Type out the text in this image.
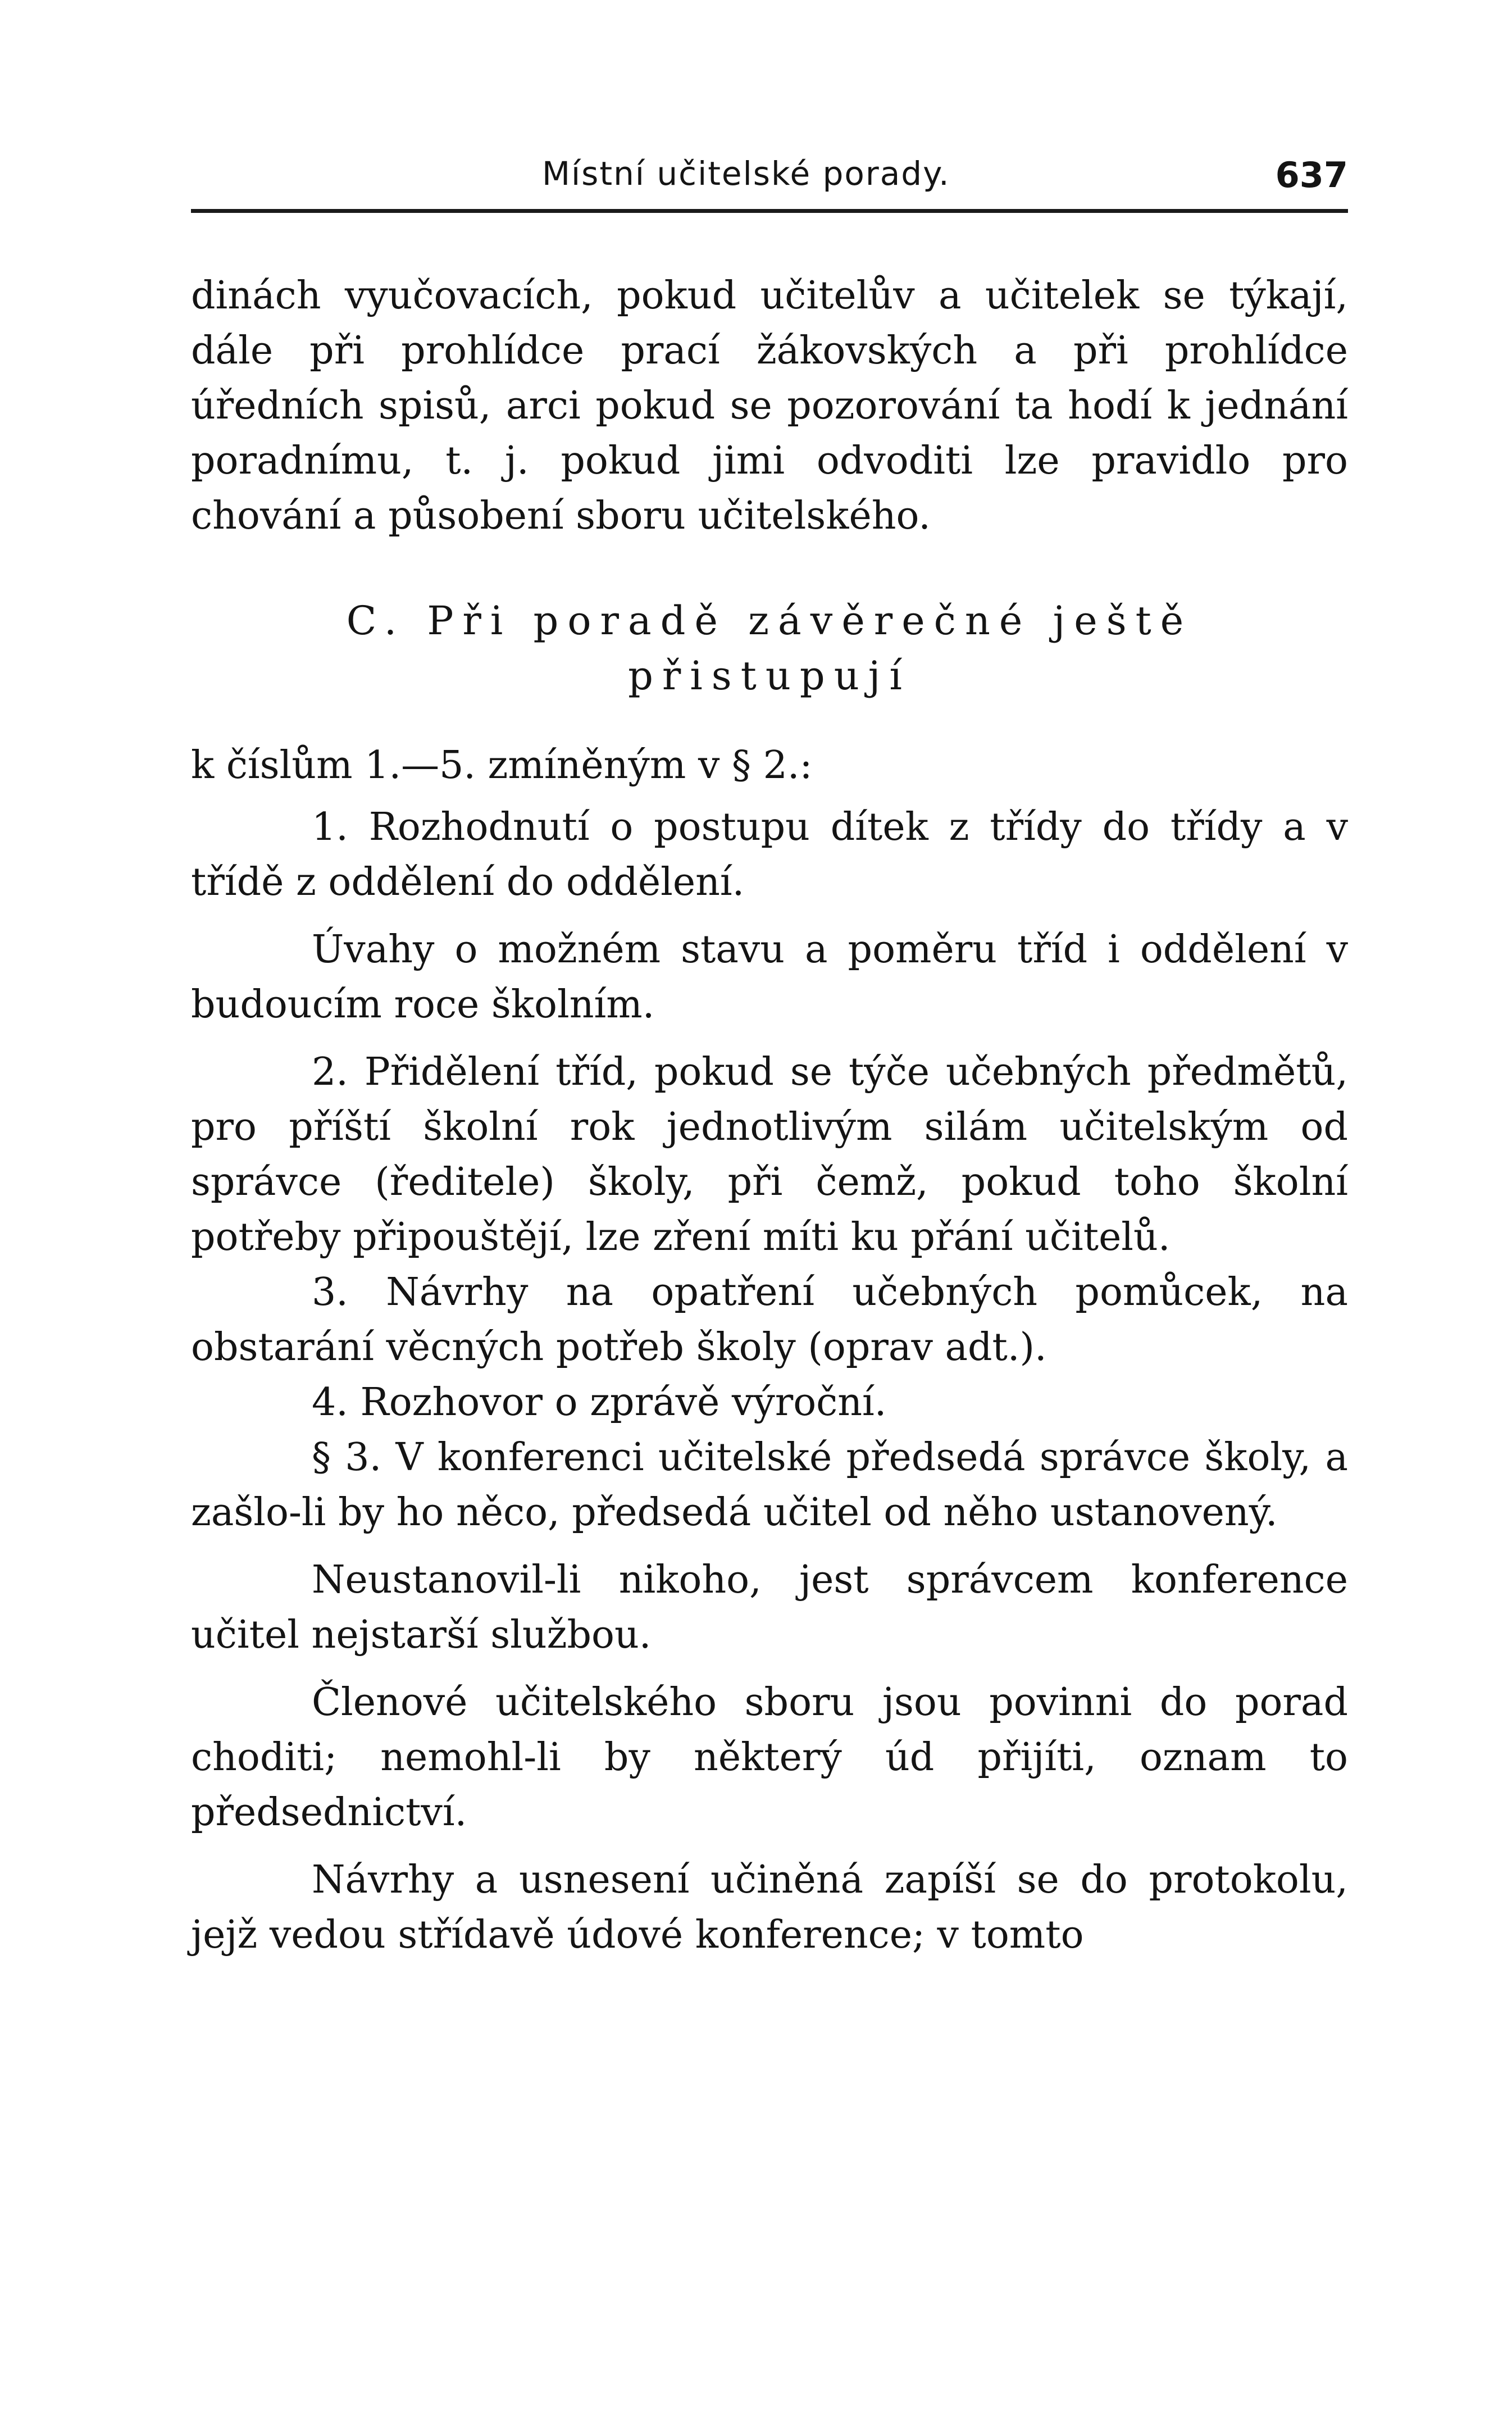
Místní učitelské porady.	637

dinách vyučovacích, pokud učitelův a učitelek se týkají, dále při prohlídce prací žákovských a při prohlídce úředních spisů, arci pokud se pozorování ta hodí k jednání poradnímu, t. j. pokud jimi odvoditi lze pravidlo pro chování a působení sboru učitelského.

C. Při poradě závěrečné ještě
přistupují

k číslům 1.—5. zmíněným v § 2.:

1. Rozhodnutí o postupu dítek z třídy do třídy a v třídě z oddělení do oddělení.

Úvahy o možném stavu a poměru tříd i oddělení v budoucím roce školním.

2. Přidělení tříd, pokud se týče učebných předmětů, pro příští školní rok jednotlivým silám učitelským od správce (ředitele) školy, při čemž, pokud toho školní potřeby připouštějí, lze zření míti ku přání učitelů.

3. Návrhy na opatření učebných pomůcek, na obstarání věcných potřeb školy (oprav adt.).

4. Rozhovor o zprávě výroční.

§ 3. V konferenci učitelské předsedá správce školy, a zašlo-li by ho něco, předsedá učitel od něho ustanovený.

Neustanovil-li nikoho, jest správcem konference učitel nejstarší službou.

Členové učitelského sboru jsou povinni do porad choditi; nemohl-li by některý úd přijíti, oznam to předsednictví.

Návrhy a usnesení učiněná zapíší se do protokolu, jejž vedou střídavě údové konference; v tomto
